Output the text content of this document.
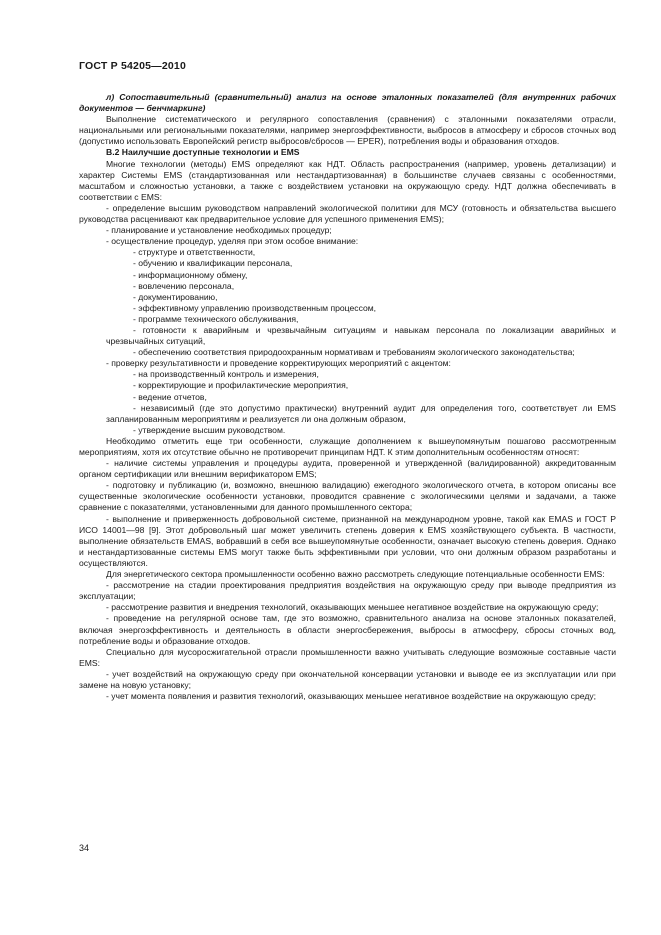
ГОСТ Р 54205—2010

л) Сопоставительный (сравнительный) анализ на основе эталонных показателей (для внутренних рабочих документов — бенчмаркинг)

Выполнение систематического и регулярного сопоставления (сравнения) с эталонными показателями отрасли, национальными или региональными показателями, например энергоэффективности, выбросов в атмосферу и сбросов сточных вод (допустимо использовать Европейский регистр выбросов/сбросов — EPER), потребления воды и образования отходов.

В.2 Наилучшие доступные технологии и EMS

Многие технологии (методы) EMS определяют как НДТ. Область распространения (например, уровень детализации) и характер Системы EMS (стандартизованная или нестандартизованная) в большинстве случаев связаны с особенностями, масштабом и сложностью установки, а также с воздействием установки на окружающую среду. НДТ должна обеспечивать в соответствии с EMS:

- определение высшим руководством направлений экологической политики для МСУ (готовность и обязательства высшего руководства расценивают как предварительное условие для успешного применения EMS);

- планирование и установление необходимых процедур;

- осуществление процедур, уделяя при этом особое внимание:

- структуре и ответственности,

- обучению и квалификации персонала,

- информационному обмену,

- вовлечению персонала,

- документированию,

- эффективному управлению производственным процессом,

- программе технического обслуживания,

- готовности к аварийным и чрезвычайным ситуациям и навыкам персонала по локализации аварийных и чрезвычайных ситуаций,

- обеспечению соответствия природоохранным нормативам и требованиям экологического законодательства;

- проверку результативности и проведение корректирующих мероприятий с акцентом:

- на производственный контроль и измерения,

- корректирующие и профилактические мероприятия,

- ведение отчетов,

- независимый (где это допустимо практически) внутренний аудит для определения того, соответствует ли EMS запланированным мероприятиям и реализуется ли она должным образом,

- утверждение высшим руководством.

Необходимо отметить еще три особенности, служащие дополнением к вышеупомянутым пошагово рассмотренным мероприятиям, хотя их отсутствие обычно не противоречит принципам НДТ. К этим дополнительным особенностям относят:

- наличие системы управления и процедуры аудита, проверенной и утвержденной (валидированной) аккредитованным органом сертификации или внешним верификатором EMS;

- подготовку и публикацию (и, возможно, внешнюю валидацию) ежегодного экологического отчета, в котором описаны все существенные экологические особенности установки, проводится сравнение с экологическими целями и задачами, а также сравнение с показателями, установленными для данного промышленного сектора;

- выполнение и приверженность добровольной системе, признанной на международном уровне, такой как EMAS и ГОСТ Р ИСО 14001—98 [9]. Этот добровольный шаг может увеличить степень доверия к EMS хозяйствующего субъекта. В частности, выполнение обязательств EMAS, вобравший в себя все вышеупомянутые особенности, означает высокую степень доверия. Однако и нестандартизованные системы EMS могут также быть эффективными при условии, что они должным образом разработаны и осуществляются.

Для энергетического сектора промышленности особенно важно рассмотреть следующие потенциальные особенности EMS:

- рассмотрение на стадии проектирования предприятия воздействия на окружающую среду при выводе предприятия из эксплуатации;

- рассмотрение развития и внедрения технологий, оказывающих меньшее негативное воздействие на окружающую среду;

- проведение на регулярной основе там, где это возможно, сравнительного анализа на основе эталонных показателей, включая энергоэффективность и деятельность в области энергосбережения, выбросы в атмосферу, сбросы сточных вод, потребление воды и образование отходов.

Специально для мусоросжигательной отрасли промышленности важно учитывать следующие возможные составные части EMS:

- учет воздействий на окружающую среду при окончательной консервации установки и выводе ее из эксплуатации или при замене на новую установку;

- учет момента появления и развития технологий, оказывающих меньшее негативное воздействие на окружающую среду;

34
